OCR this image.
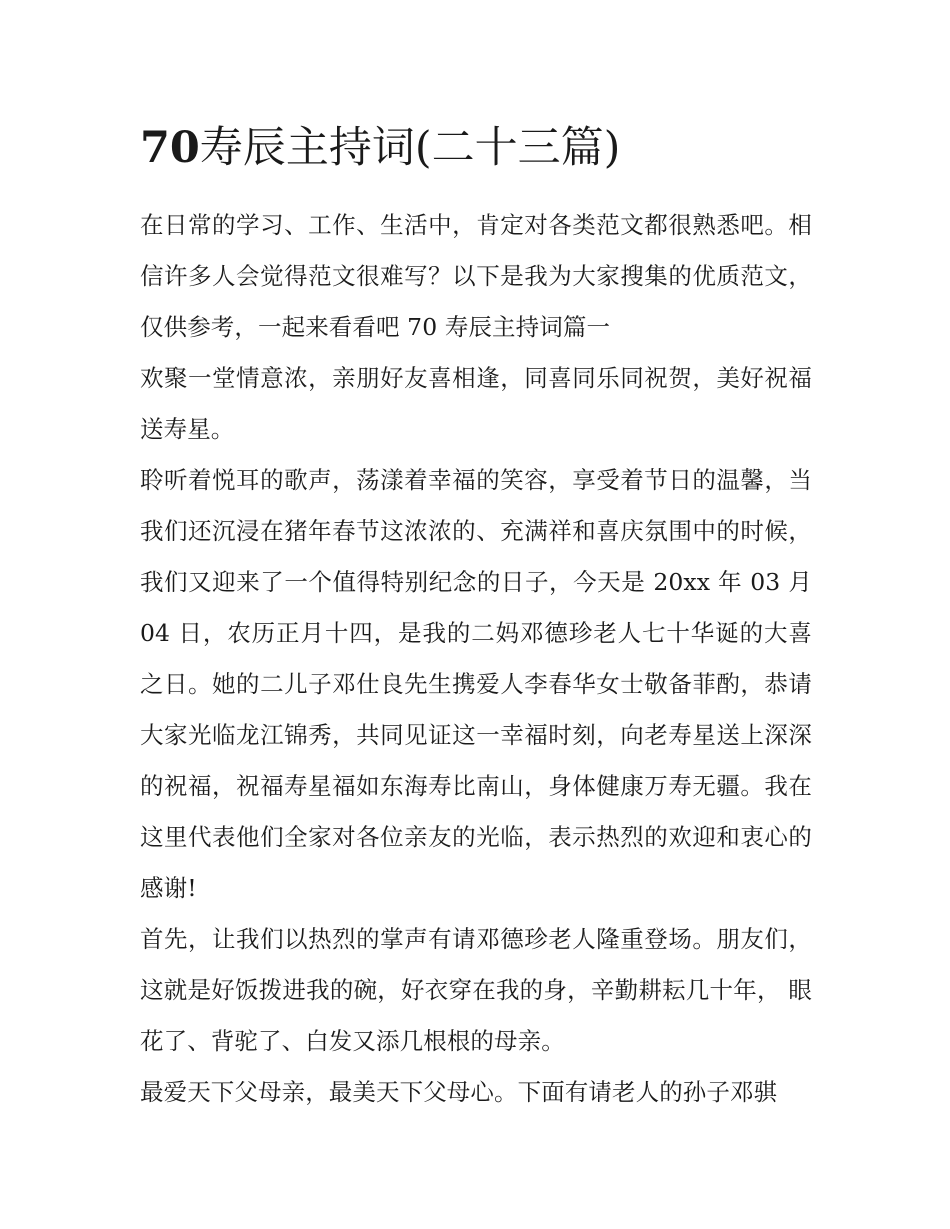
70寿辰主持词(二十三篇)

在日常的学习、工作、生活中，肯定对各类范文都很熟悉吧。相信许多人会觉得范文很难写？以下是我为大家搜集的优质范文，仅供参考，一起来看看吧 70 寿辰主持词篇一

欢聚一堂情意浓，亲朋好友喜相逢，同喜同乐同祝贺，美好祝福送寿星。

聆听着悦耳的歌声，荡漾着幸福的笑容，享受着节日的温馨，当我们还沉浸在猪年春节这浓浓的、充满祥和喜庆氛围中的时候，我们又迎来了一个值得特别纪念的日子，今天是 20xx 年 03 月 04 日，农历正月十四，是我的二妈邓德珍老人七十华诞的大喜之日。她的二儿子邓仕良先生携爱人李春华女士敬备菲酌，恭请大家光临龙江锦秀，共同见证这一幸福时刻，向老寿星送上深深的祝福，祝福寿星福如东海寿比南山，身体健康万寿无疆。我在这里代表他们全家对各位亲友的光临，表示热烈的欢迎和衷心的感谢!

首先，让我们以热烈的掌声有请邓德珍老人隆重登场。朋友们，这就是好饭拨进我的碗，好衣穿在我的身，辛勤耕耘几十年， 眼花了、背驼了、白发又添几根根的母亲。

最爱天下父母亲，最美天下父母心。下面有请老人的孙子邓骐
